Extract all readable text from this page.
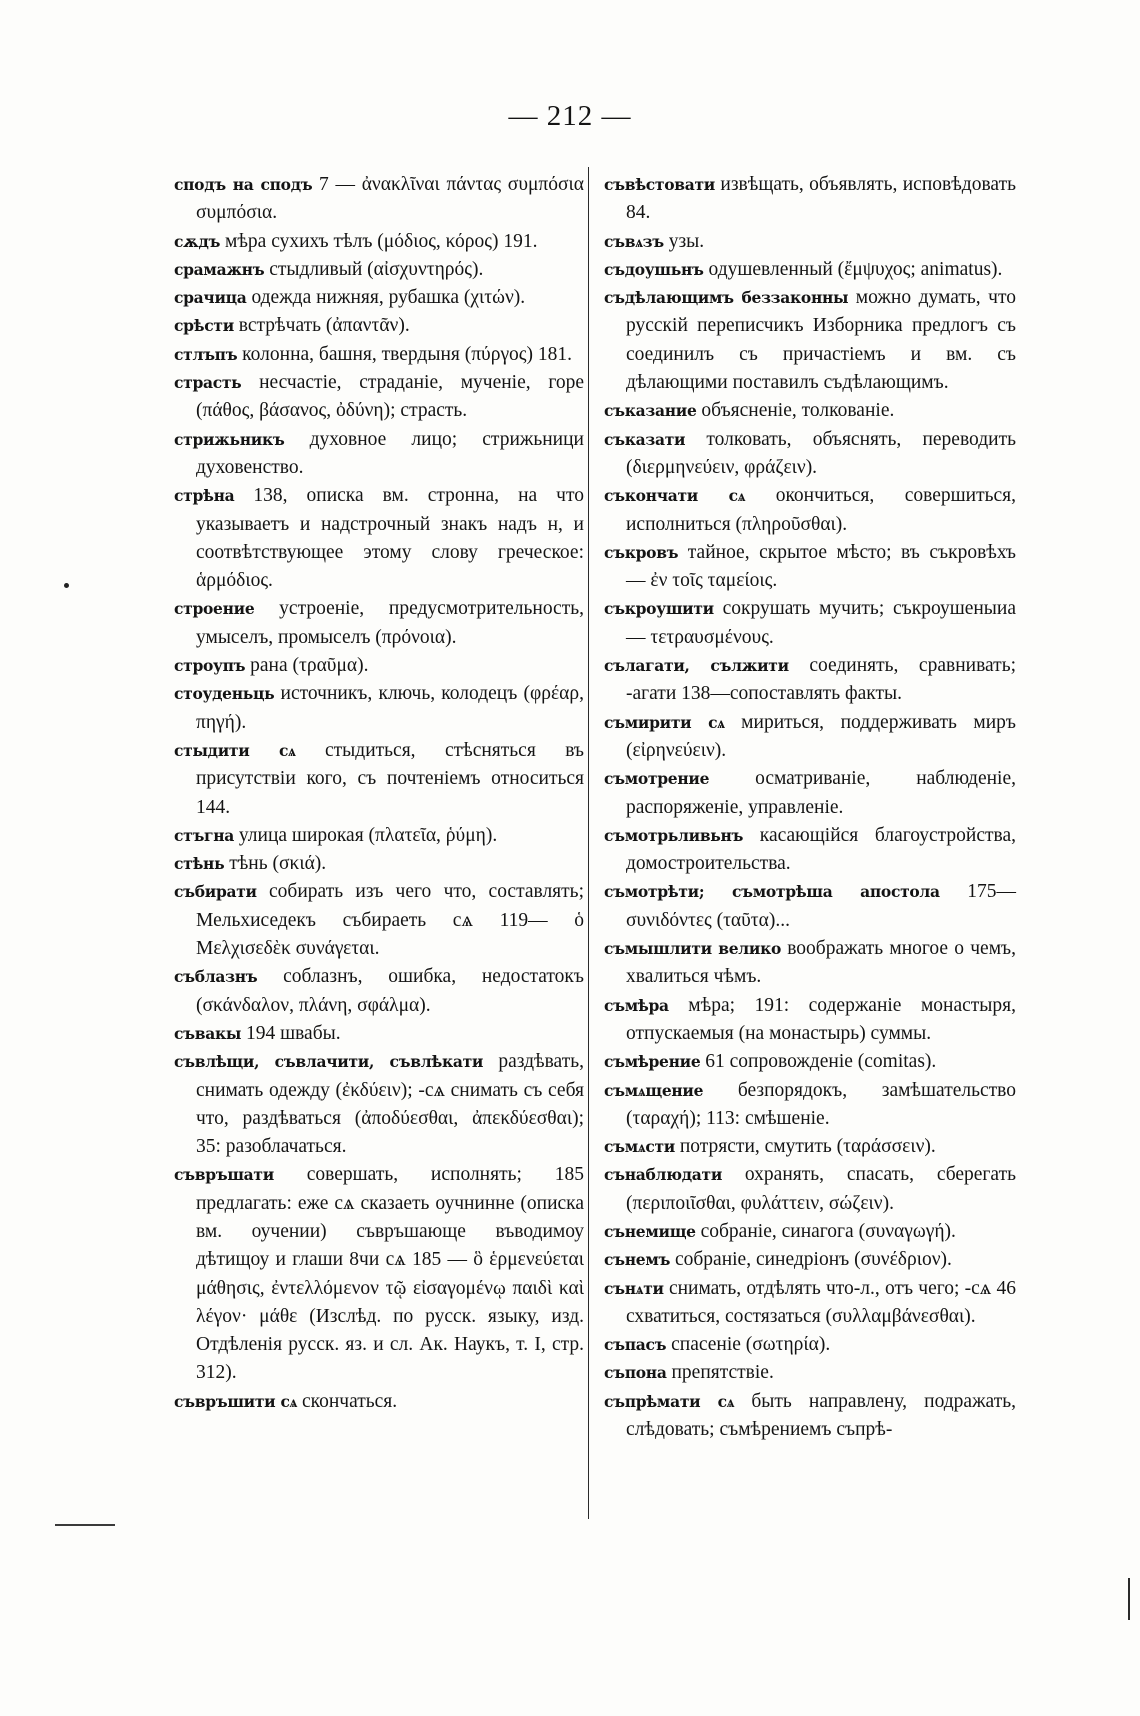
— 212 —

сподъ на сподъ 7 — ἀνακλῖναι πάντας συμπόσια συμπόσια.

сѫдъ мѣра сухихъ тѣлъ (μόδιος, κόρος) 191.

срамажнъ стыдливый (αἰσχυντηρός).

срачица одежда нижняя, рубашка (χιτών).

срѣсти встрѣчать (ἀπαντᾶν).

стлъпъ колонна, башня, твердыня (πύργος) 181.

страсть несчастіе, страданіе, мученіе, горе (πάθος, βάσανος, ὀδύνη); страсть.

стрижьникъ духовное лицо; стрижьници духовенство.

стрѣна 138, описка вм. стронна, на что указываетъ и надстрочный знакъ надъ н, и соотвѣтствующее этому слову греческое: ἁρμόδιος.

строение устроеніе, предусмотрительность, умыселъ, промыселъ (πρόνοια).

строупъ рана (τραῦμα).

стоуденьць источникъ, ключь, колодецъ (φρέαρ, πηγή).

стыдити сѧ стыдиться, стѣсняться въ присутствіи кого, съ почтеніемъ относиться 144.

стъгна улица широкая (πλατεῖα, ῥύμη).

стѣнь тѣнь (σκιά).

събирати собирать изъ чего что, составлять; Мельхиседекъ събираеть сѧ 119— ὁ Μελχισεδὲκ συνάγεται.

съблазнъ соблазнъ, ошибка, недостатокъ (σκάνδαλον, πλάνη, σφάλμα).

съвакы 194 швабы.

съвлѣщи, съвлачити, съвлѣкати раздѣвать, снимать одежду (ἐκδύειν); -сѧ снимать съ себя что, раздѣваться (ἀποδύεσθαι, ἀπεκδύεσθαι); 35: разоблачаться.

съвръшати совершать, исполнять; 185 предлагать: еже сѧ сказаеть оучнинне (описка вм. оучении) съвръшающе въводимоу дѣтищоу и глаши 8чи сѧ 185 — ὃ ἑρμενεύεται μάθησις, ἐντελλόμενον τῷ εἰσαγομένῳ παιδὶ καὶ λέγον· μάθε (Изслѣд. по русск. языку, изд. Отдѣленія русск. яз. и сл. Ак. Наукъ, т. I, стр. 312).

съвръшити сѧ скончаться.

съвѣстовати извѣщать, объявлять, исповѣдовать 84.

съвѧзъ узы.

съдоушьнъ одушевленный (ἔμψυχος; animatus).

съдѣлающимъ беззаконны можно думать, что русскій переписчикъ Изборника предлогъ съ соединилъ съ причастіемъ и вм. съ дѣлающими поставилъ съдѣлающимъ.

съказание объясненіе, толкованіе.

съказати толковать, объяснять, переводить (διερμηνεύειν, φράζειν).

съкончати сѧ окончиться, совершиться, исполниться (πληροῦσθαι).

съкровъ тайное, скрытое мѣсто; въ съкровѣхъ — ἐν τοῖς ταμείοις.

съкроушити сокрушать мучить; съкроушеныиа — τετραυσμένους.

сълагати, сължити соединять, сравнивать; -агати 138—сопоставлять факты.

съмирити сѧ мириться, поддерживать миръ (εἰρηνεύειν).

съмотрение осматриваніе, наблюденіе, распоряженіе, управленіе.

съмотрьливьнъ касающійся благоустройства, домостроительства.

съмотрѣти; съмотрѣша апостола 175— συνιδόντες (ταῦτα)...

съмышлити велико воображать многое о чемъ, хвалиться чѣмъ.

съмѣра мѣра; 191: содержаніе монастыря, отпускаемыя (на монастырь) суммы.

съмѣрение 61 сопровожденіе (comitas).

съмѧщение безпорядокъ, замѣшательство (ταραχή); 113: смѣшеніе.

съмѧсти потрясти, смутить (ταράσσειν).

сънаблюдати охранять, спасать, сберегать (περιποιῖσθαι, φυλάττειν, σώζειν).

сънемище собраніе, синагога (συναγωγή).

сънемъ собраніе, синедріонъ (συνέδριον).

сънѧти снимать, отдѣлять что-л., отъ чего; -сѧ 46 схватиться, состязаться (συλλαμβάνεσθαι).

съпасъ спасеніе (σωτηρία).

съпона препятствіе.

съпрѣмати сѧ быть направлену, подражать, слѣдовать; съмѣрениемъ съпрѣ-
